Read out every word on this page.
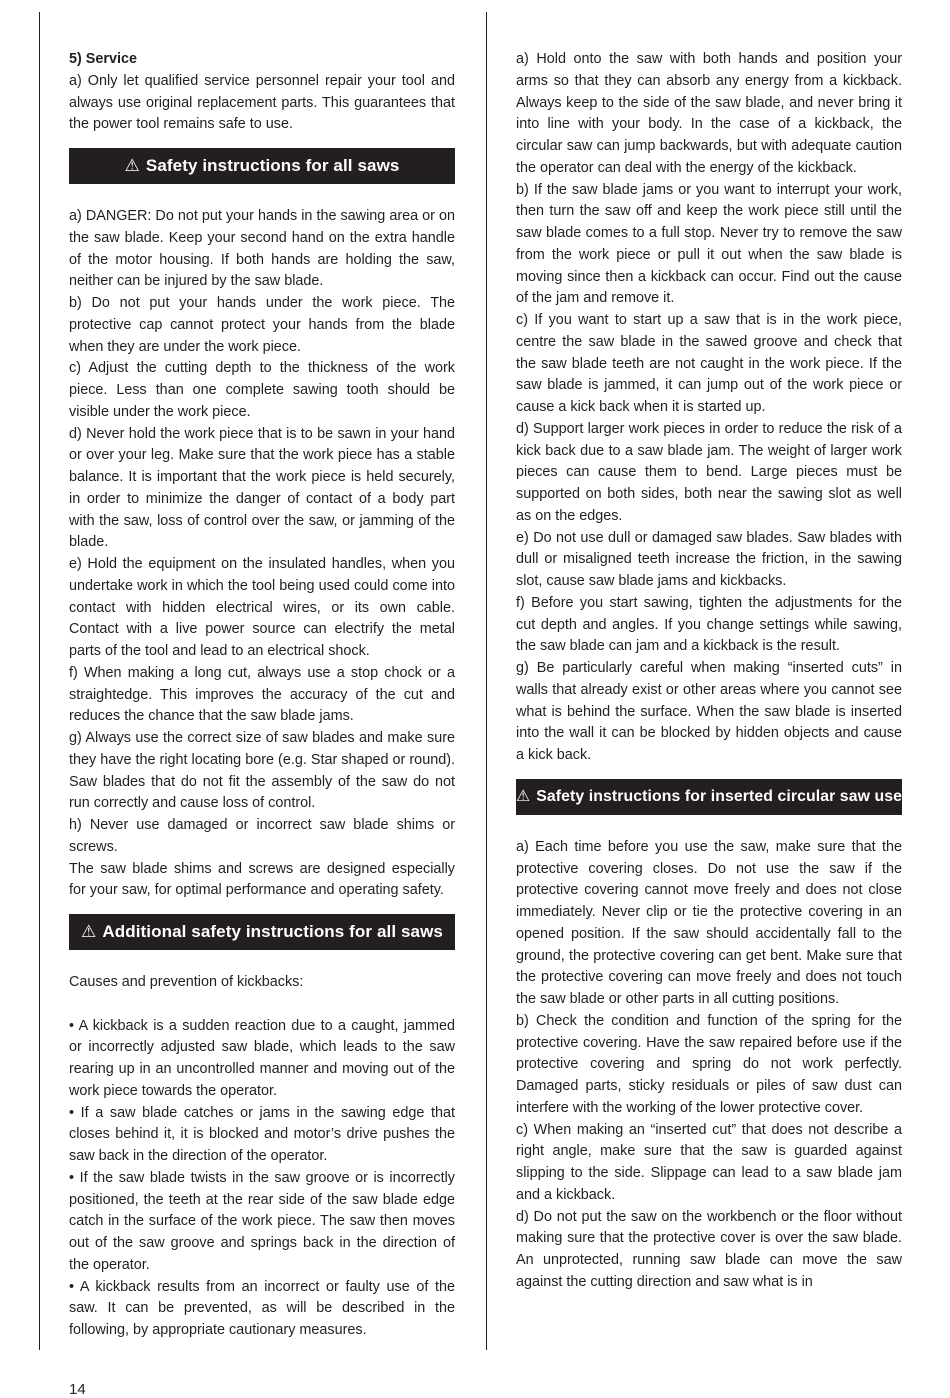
5) Service

a) Only let qualified service personnel repair your tool and always use original replacement parts. This guarantees that the power tool remains safe to use.

⚠ Safety instructions for all saws

a) DANGER: Do not put your hands in the sawing area or on the saw blade. Keep your second hand on the extra handle of the motor housing. If both hands are holding the saw, neither can be injured by the saw blade.

b) Do not put your hands under the work piece. The protective cap cannot protect your hands from the blade when they are under the work piece.

c) Adjust the cutting depth to the thickness of the work piece. Less than one complete sawing tooth should be visible under the work piece.

d) Never hold the work piece that is to be sawn in your hand or over your leg. Make sure that the work piece has a stable balance. It is important that the work piece is held securely, in order to minimize the danger of contact of a body part with the saw, loss of control over the saw, or jamming of the blade.

e) Hold the equipment on the insulated handles, when you undertake work in which the tool being used could come into contact with hidden electrical wires, or its own cable. Contact with a live power source can electrify the metal parts of the tool and lead to an electrical shock.

f) When making a long cut, always use a stop chock or a straightedge. This improves the accuracy of the cut and reduces the chance that the saw blade jams.

g) Always use the correct size of saw blades and make sure they have the right locating bore (e.g. Star shaped or round). Saw blades that do not fit the assembly of the saw do not run correctly and cause loss of control.

h) Never use damaged or incorrect saw blade shims or screws.

The saw blade shims and screws are designed especially for your saw, for optimal performance and operating safety.

⚠ Additional safety instructions for all saws

Causes and prevention of kickbacks:

• A kickback is a sudden reaction due to a caught, jammed or incorrectly adjusted saw blade, which leads to the saw rearing up in an uncontrolled manner and moving out of the work piece towards the operator.

• If a saw blade catches or jams in the sawing edge that closes behind it, it is blocked and motor’s drive pushes the saw back in the direction of the operator.

• If the saw blade twists in the saw groove or is incorrectly positioned, the teeth at the rear side of the saw blade edge catch in the surface of the work piece. The saw then moves out of the saw groove and springs back in the direction of the operator.

• A kickback results from an incorrect or faulty use of the saw. It can be prevented, as will be described in the following, by appropriate cautionary measures.

a) Hold onto the saw with both hands and position your arms so that they can absorb any energy from a kickback. Always keep to the side of the saw blade, and never bring it into line with your body. In the case of a kickback, the circular saw can jump backwards, but with adequate caution the operator can deal with the energy of the kickback.

b) If the saw blade jams or you want to interrupt your work, then turn the saw off and keep the work piece still until the saw blade comes to a full stop. Never try to remove the saw from the work piece or pull it out when the saw blade is moving since then a kickback can occur. Find out the cause of the jam and remove it.

c) If you want to start up a saw that is in the work piece, centre the saw blade in the sawed groove and check that the saw blade teeth are not caught in the work piece. If the saw blade is jammed, it can jump out of the work piece or cause a kick back when it is started up.

d) Support larger work pieces in order to reduce the risk of a kick back due to a saw blade jam. The weight of larger work pieces can cause them to bend. Large pieces must be supported on both sides, both near the sawing slot as well as on the edges.

e) Do not use dull or damaged saw blades. Saw blades with dull or misaligned teeth increase the friction, in the sawing slot, cause saw blade jams and kickbacks.

f) Before you start sawing, tighten the adjustments for the cut depth and angles. If you change settings while sawing, the saw blade can jam and a kickback is the result.

g) Be particularly careful when making “inserted cuts” in walls that already exist or other areas where you cannot see what is behind the surface. When the saw blade is inserted into the wall it can be blocked by hidden objects and cause a kick back.

⚠ Safety instructions for inserted circular saw use

a) Each time before you use the saw, make sure that the protective covering closes. Do not use the saw if the protective covering cannot move freely and does not close immediately. Never clip or tie the protective covering in an opened position. If the saw should accidentally fall to the ground, the protective covering can get bent. Make sure that the protective covering can move freely and does not touch the saw blade or other parts in all cutting positions.

b) Check the condition and function of the spring for the protective covering. Have the saw repaired before use if the protective covering and spring do not work perfectly. Damaged parts, sticky residuals or piles of saw dust can interfere with the working of the lower protective cover.

c) When making an “inserted cut” that does not describe a right angle, make sure that the saw is guarded against slipping to the side. Slippage can lead to a saw blade jam and a kickback.

d) Do not put the saw on the workbench or the floor without making sure that the protective cover is over the saw blade. An unprotected, running saw blade can move the saw against the cutting direction and saw what is in

14
